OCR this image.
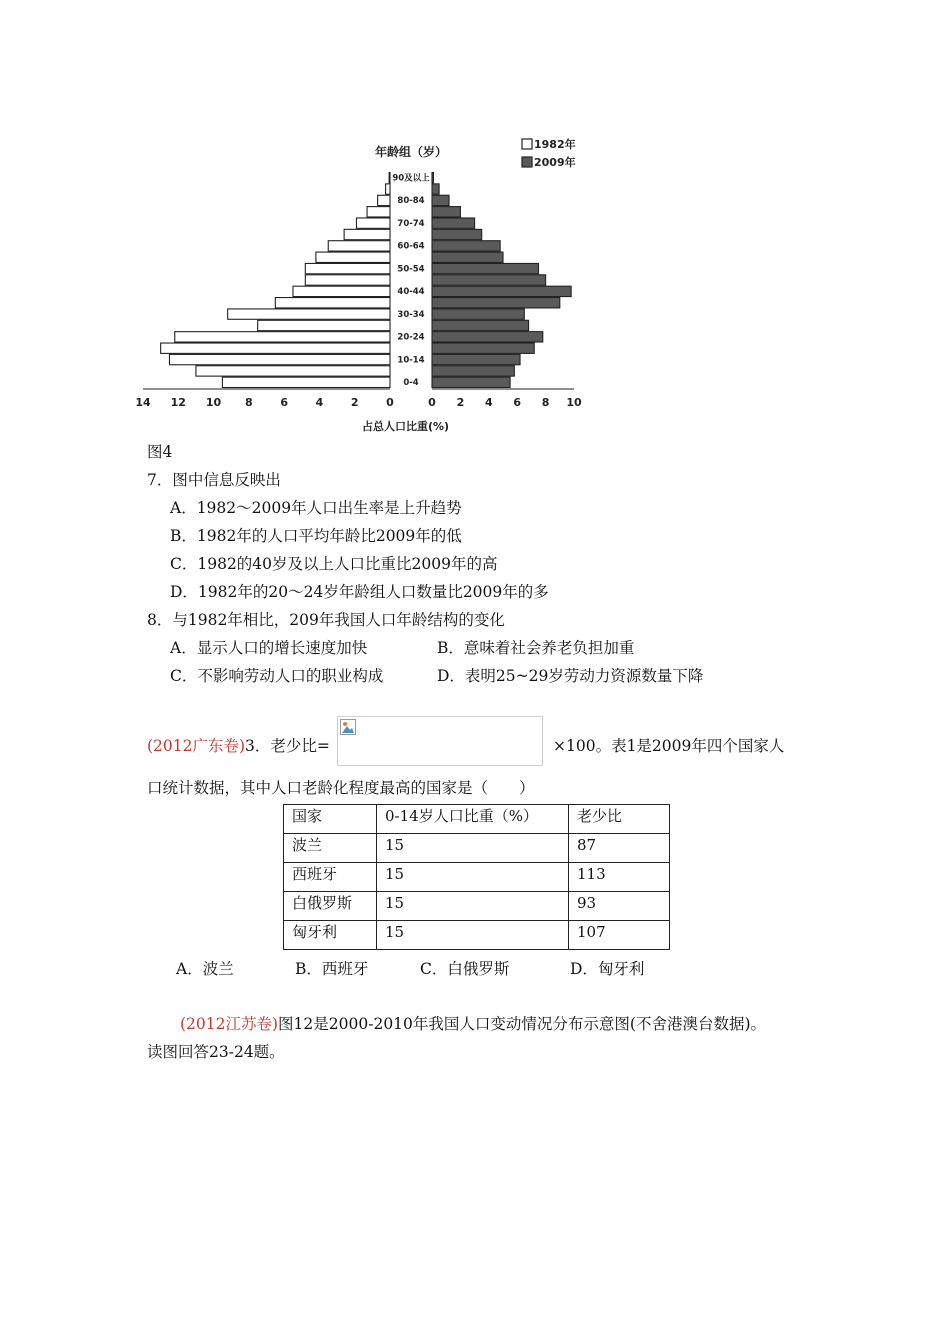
年龄组（岁）
1982年
2009年
0-4
10-14
20-24
30-34
40-44
50-54
60-64
70-74
80-84
90及以上
14 12 10 8	6	4	2	0	0 2 4 6 8 10
占总人口比重(%)
图4
7．图中信息反映出
A．1982～2009年人口出生率是上升趋势
B．1982年的人口平均年龄比2009年的低
C．1982的40岁及以上人口比重比2009年的高
D．1982年的20～24岁年龄组人口数量比2009年的多
8．与1982年相比，209年我国人口年龄结构的变化
A．显示人口的增长速度加快	B．意味着社会养老负担加重
C．不影响劳动人口的职业构成	D．表明25~29岁劳动力资源数量下降
(2012广东卷)3．老少比=	×100。表1是2009年四个国家人
口统计数据，其中人口老龄化程度最高的国家是（　　）
国家	0-14岁人口比重（%）	老少比
波兰	15	87
西班牙	15	113
白俄罗斯	15	93
匈牙利	15	107
A．波兰	B．西班牙	C．白俄罗斯	D．匈牙利
(2012江苏卷)图12是2000-2010年我国人口变动情况分布示意图(不舍港澳台数据)。
读图回答23-24题。
